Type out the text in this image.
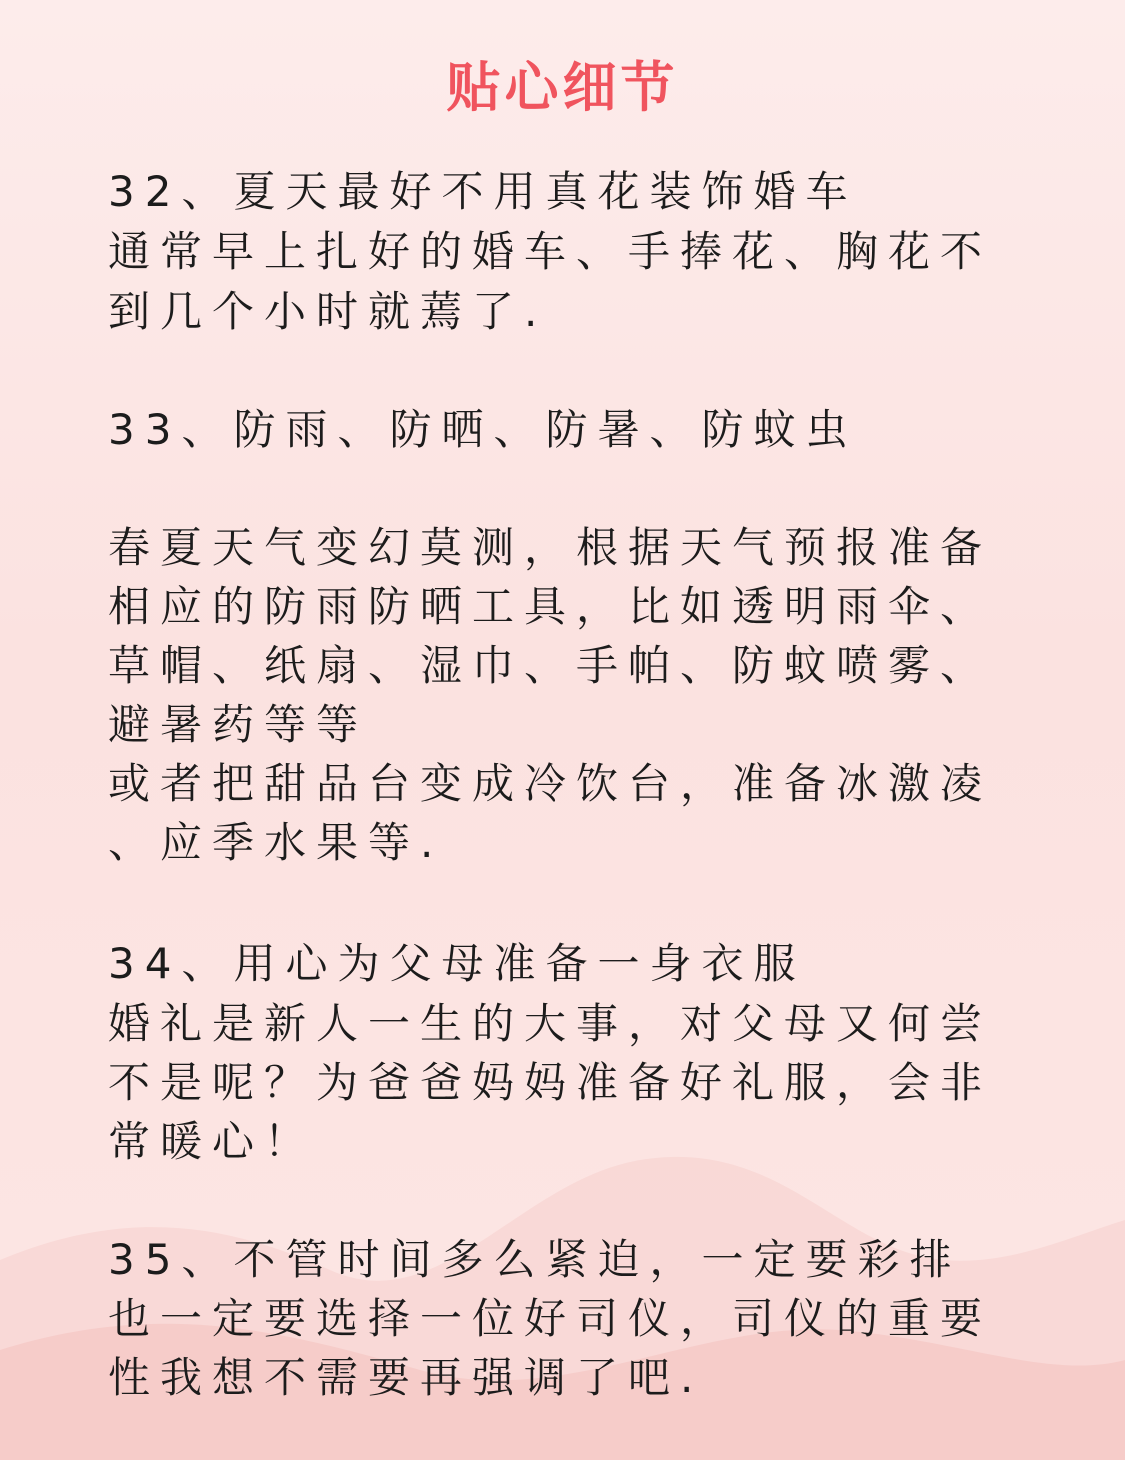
贴心细节
32、夏天最好不用真花装饰婚车
通常早上扎好的婚车、手捧花、胸花不
到几个小时就蔫了.
33、防雨、防晒、防暑、防蚊虫
春夏天气变幻莫测，根据天气预报准备
相应的防雨防晒工具，比如透明雨伞、
草帽、纸扇、湿巾、手帕、防蚊喷雾、
避暑药等等
或者把甜品台变成冷饮台，准备冰激凌
、应季水果等.
34、用心为父母准备一身衣服
婚礼是新人一生的大事，对父母又何尝
不是呢？为爸爸妈妈准备好礼服，会非
常暖心！
35、不管时间多么紧迫，一定要彩排
也一定要选择一位好司仪，司仪的重要
性我想不需要再强调了吧.
